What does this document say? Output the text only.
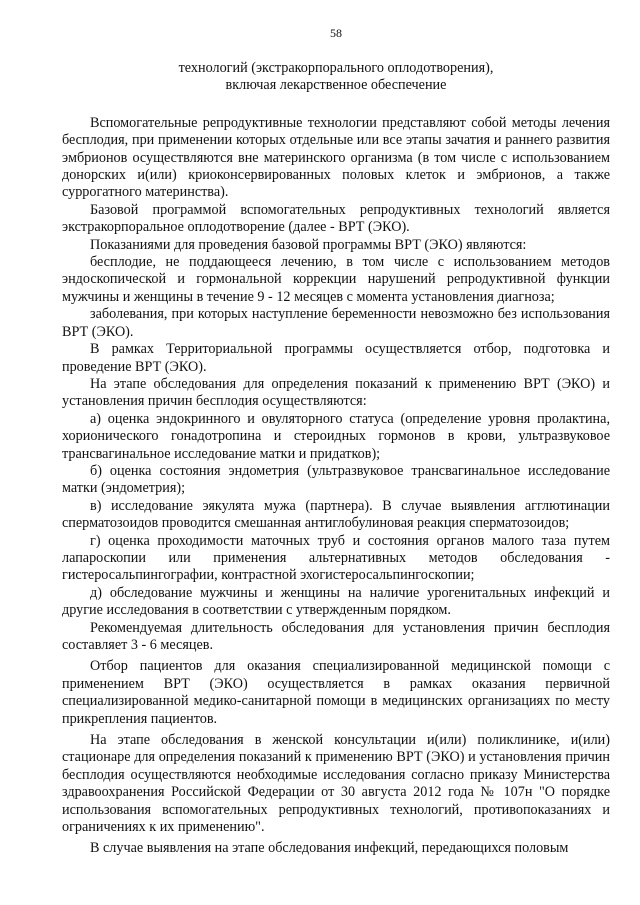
58
технологий (экстракорпорального оплодотворения),
включая лекарственное обеспечение

Вспомогательные репродуктивные технологии представляют собой методы лечения бесплодия, при применении которых отдельные или все этапы зачатия и раннего развития эмбрионов осуществляются вне материнского организма (в том числе с использованием донорских и(или) криоконсервированных половых клеток и эмбрионов, а также суррогатного материнства).

Базовой программой вспомогательных репродуктивных технологий является экстракорпоральное оплодотворение (далее - ВРТ (ЭКО).

Показаниями для проведения базовой программы ВРТ (ЭКО) являются:

бесплодие, не поддающееся лечению, в том числе с использованием методов эндоскопической и гормональной коррекции нарушений репродуктивной функции мужчины и женщины в течение 9 - 12 месяцев с момента установления диагноза;

заболевания, при которых наступление беременности невозможно без использования ВРТ (ЭКО).

В рамках Территориальной программы осуществляется отбор, подготовка и проведение ВРТ (ЭКО).

На этапе обследования для определения показаний к применению ВРТ (ЭКО) и установления причин бесплодия осуществляются:

а) оценка эндокринного и овуляторного статуса (определение уровня пролактина, хорионического гонадотропина и стероидных гормонов в крови, ультразвуковое трансвагинальное исследование матки и придатков);

б) оценка состояния эндометрия (ультразвуковое трансвагинальное исследование матки (эндометрия);

в) исследование эякулята мужа (партнера). В случае выявления агглютинации сперматозоидов проводится смешанная антиглобулиновая реакция сперматозоидов;

г) оценка проходимости маточных труб и состояния органов малого таза путем лапароскопии или применения альтернативных методов обследования - гистеросальпингографии, контрастной эхогистеросальпингоскопии;

д) обследование мужчины и женщины на наличие урогенитальных инфекций и другие исследования в соответствии с утвержденным порядком.

Рекомендуемая длительность обследования для установления причин бесплодия составляет 3 - 6 месяцев.

Отбор пациентов для оказания специализированной медицинской помощи с применением ВРТ (ЭКО) осуществляется в рамках оказания первичной специализированной медико-санитарной помощи в медицинских организациях по месту прикрепления пациентов.

На этапе обследования в женской консультации и(или) поликлинике, и(или) стационаре для определения показаний к применению ВРТ (ЭКО) и установления причин бесплодия осуществляются необходимые исследования согласно приказу Министерства здравоохранения Российской Федерации от 30 августа 2012 года № 107н "О порядке использования вспомогательных репродуктивных технологий, противопоказаниях и ограничениях к их применению".

В случае выявления на этапе обследования инфекций, передающихся половым
